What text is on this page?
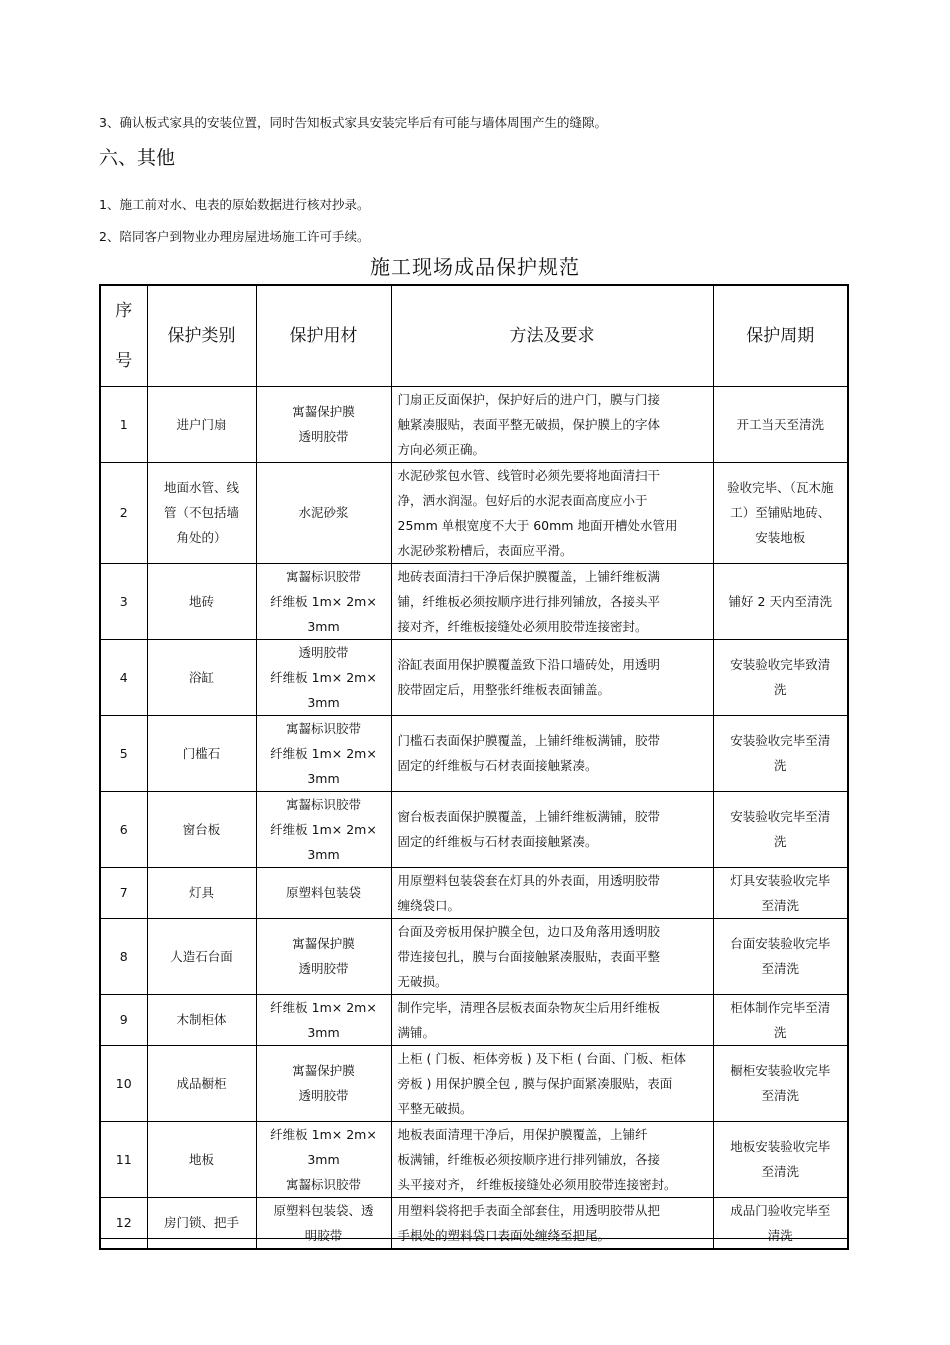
3、确认板式家具的安装位置，同时告知板式家具安装完毕后有可能与墙体周围产生的缝隙。
六、其他
1、施工前对水、电表的原始数据进行核对抄录。
2、陪同客户到物业办理房屋进场施工许可手续。
施工现场成品保护规范
序
号	保护类别	保护用材	方法及要求	保护周期
1	进户门扇	寓齧保护膜
透明胶带	门扇正反面保护，保护好后的进户门，膜与门接
触紧凑服贴，表面平整无破损，保护膜上的字体
方向必须正确。	开工当天至清洗

2	地面水管、线
管（不包括墙
角处的）	水泥砂浆	水泥砂浆包水管、线管时必须先要将地面清扫干
净，洒水润湿。包好后的水泥表面高度应小于
25mm 单根宽度不大于 60mm 地面开槽处水管用
水泥砂浆粉槽后，表面应平滑。	验收完毕、（瓦木施
工）至铺贴地砖、
安装地板

3	地砖	寓齧标识胶带
纤维板 1m× 2m×
3mm	地砖表面清扫干净后保护膜覆盖，上铺纤维板满
铺，纤维板必须按顺序进行排列铺放，各接头平
接对齐，纤维板接缝处必须用胶带连接密封。	铺好 2 天内至清洗

4	浴缸	透明胶带
纤维板 1m× 2m×
3mm	浴缸表面用保护膜覆盖致下沿口墙砖处，用透明
胶带固定后，用整张纤维板表面铺盖。	安装验收完毕致清
洗

5	门槛石	寓齧标识胶带
纤维板 1m× 2m×
3mm	门槛石表面保护膜覆盖，上铺纤维板满铺，胶带
固定的纤维板与石材表面接触紧凑。	安装验收完毕至清
洗

6	窗台板	寓齧标识胶带
纤维板 1m× 2m×
3mm	窗台板表面保护膜覆盖，上铺纤维板满铺，胶带
固定的纤维板与石材表面接触紧凑。	安装验收完毕至清
洗

7	灯具	原塑料包装袋	用原塑料包装袋套在灯具的外表面，用透明胶带
缠绕袋口。	灯具安装验收完毕
至清洗

8	人造石台面	寓齧保护膜
透明胶带	台面及旁板用保护膜全包，边口及角落用透明胶
带连接包扎，膜与台面接触紧凑服贴，表面平整
无破损。	台面安装验收完毕
至清洗

9	木制柜体	纤维板 1m× 2m×
3mm	制作完毕，清理各层板表面杂物灰尘后用纤维板
满铺。	柜体制作完毕至清
洗

10	成品橱柜	寓齧保护膜
透明胶带	上柜 ( 门板、柜体旁板 ) 及下柜 ( 台面、门板、柜体
旁板 ) 用保护膜全包 , 膜与保护面紧凑服贴，表面
平整无破损。	橱柜安装验收完毕
至清洗

11	地板	纤维板 1m× 2m×
3mm
寓齧标识胶带	地板表面清理干净后，用保护膜覆盖，上铺纤
板满铺，纤维板必须按顺序进行排列铺放，各接
头平接对齐， 纤维板接缝处必须用胶带连接密封。	地板安装验收完毕
至清洗

12	房门锁、把手	原塑料包装袋、透
明胶带	用塑料袋将把手表面全部套住，用透明胶带从把
手根处的塑料袋口表面处缠绕至把尾。	成品门验收完毕至
清洗
